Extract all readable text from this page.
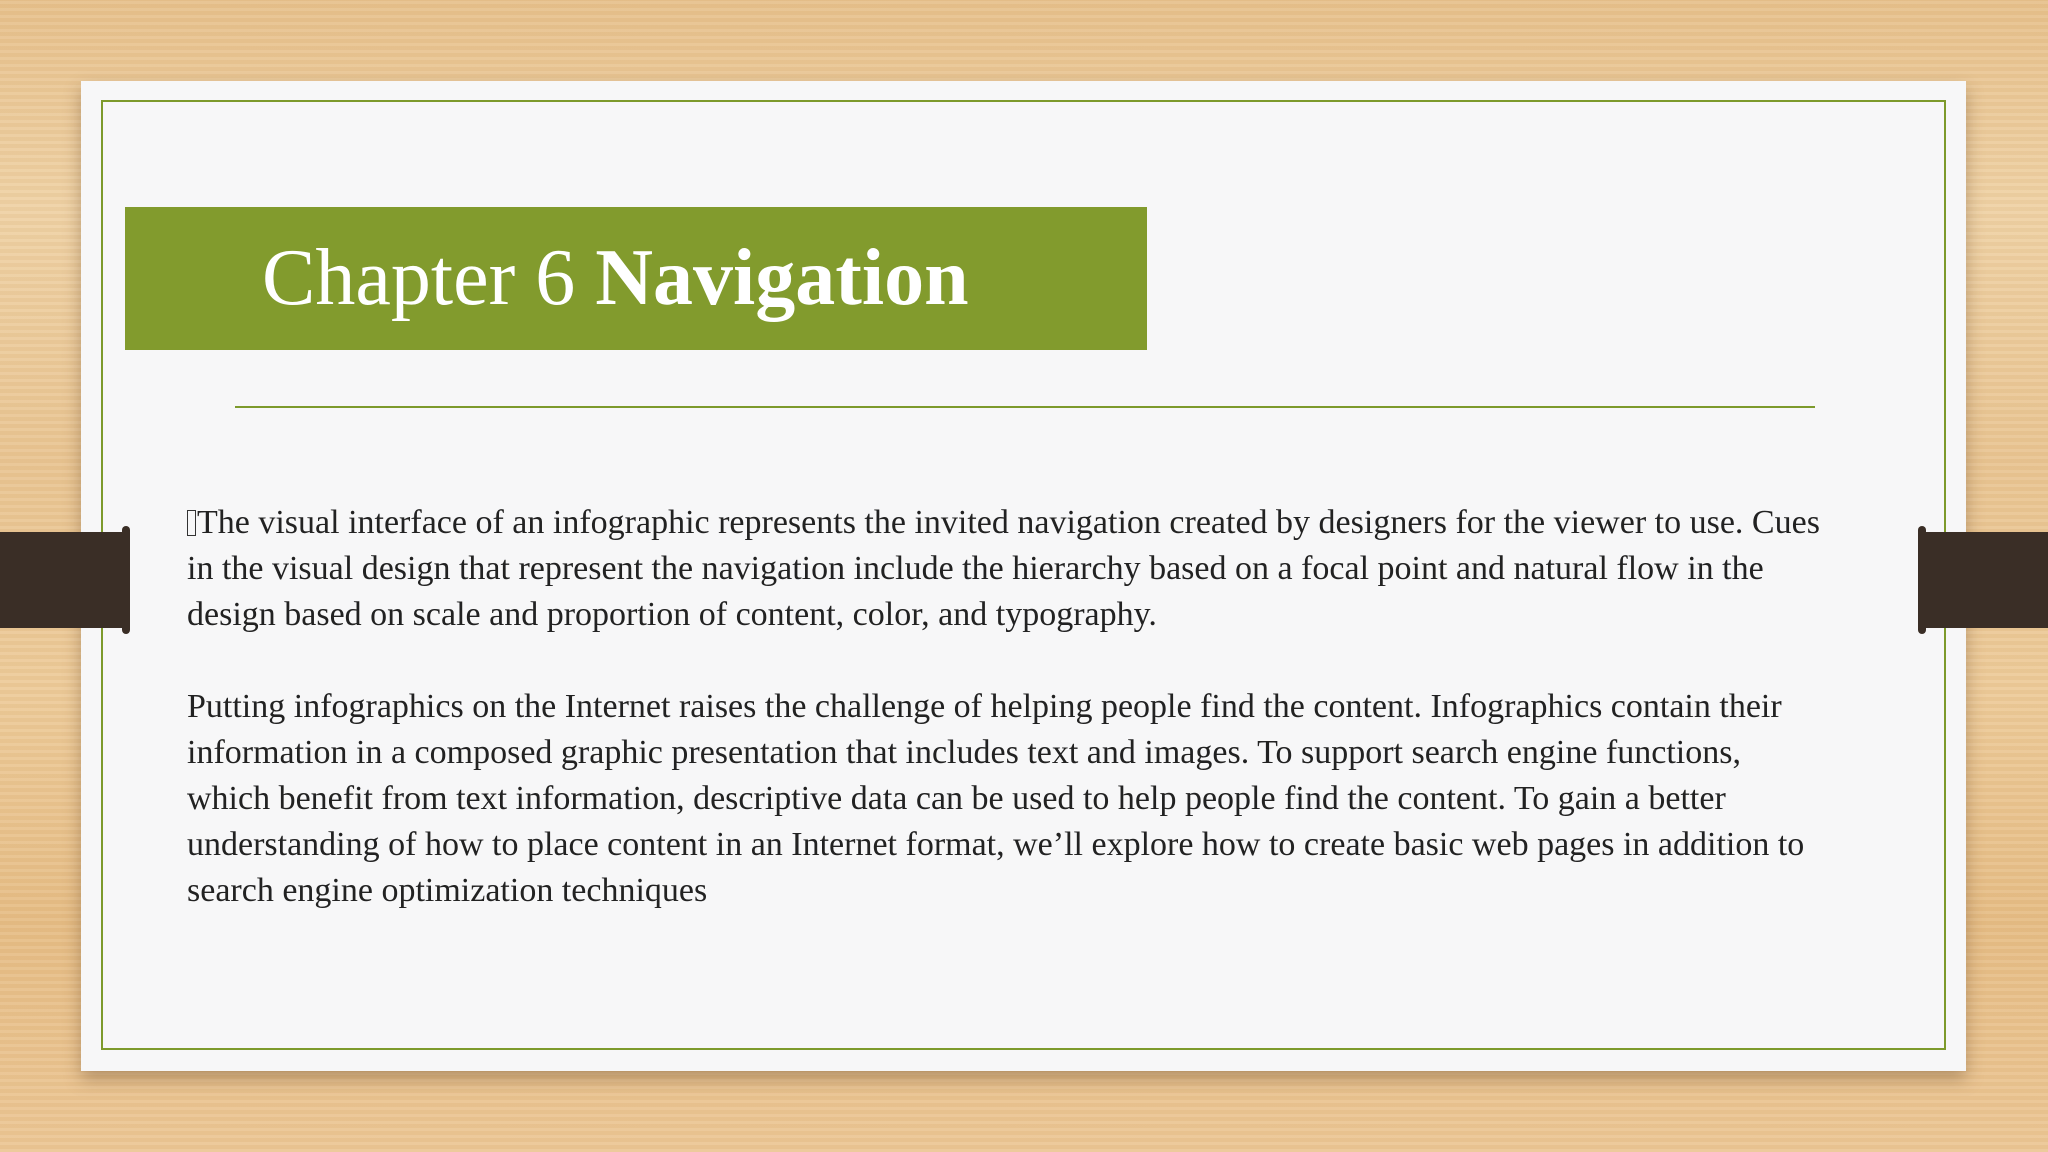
Chapter 6 Navigation

The visual interface of an infographic represents the invited navigation created by designers for the viewer to use. Cues in the visual design that represent the navigation include the hierarchy based on a focal point and natural flow in the design based on scale and proportion of content, color, and typography.

Putting infographics on the Internet raises the challenge of helping people find the content. Infographics contain their information in a composed graphic presentation that includes text and images. To support search engine functions, which benefit from text information, descriptive data can be used to help people find the content. To gain a better understanding of how to place content in an Internet format, we’ll explore how to create basic web pages in addition to search engine optimization techniques
